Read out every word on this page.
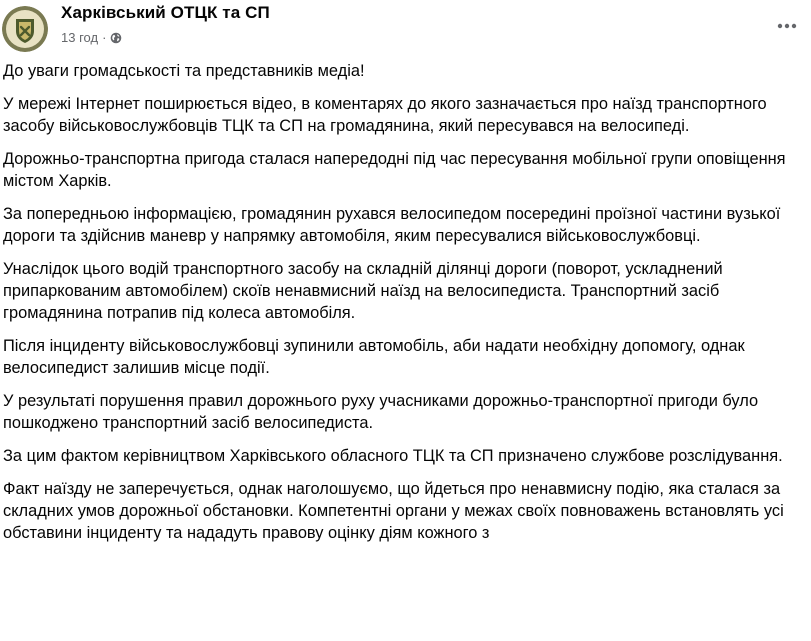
Харківський ОТЦК та СП
13 год ·

До уваги громадськості та представників медіа!

У мережі Інтернет поширюється відео, в коментарях до якого зазначається про наїзд транспортного засобу військовослужбовців ТЦК та СП на громадянина, який пересувався на велосипеді.

Дорожньо-транспортна пригода сталася напередодні під час пересування мобільної групи оповіщення містом Харків.

За попередньою інформацією, громадянин рухався велосипедом посередині проїзної частини вузької дороги та здійснив маневр у напрямку автомобіля, яким пересувалися військовослужбовці.

Унаслідок цього водій транспортного засобу на складній ділянці дороги (поворот, ускладнений припаркованим автомобілем) скоїв ненавмисний наїзд на велосипедиста. Транспортний засіб громадянина потрапив під колеса автомобіля.

Після інциденту військовослужбовці зупинили автомобіль, аби надати необхідну допомогу, однак велосипедист залишив місце події.

У результаті порушення правил дорожнього руху учасниками дорожньо-транспортної пригоди було пошкоджено транспортний засіб велосипедиста.

За цим фактом керівництвом Харківського обласного ТЦК та СП призначено службове розслідування.

Факт наїзду не заперечується, однак наголошуємо, що йдеться про ненавмисну подію, яка сталася за складних умов дорожньої обстановки. Компетентні органи у межах своїх повноважень встановлять усі обставини інциденту та нададуть правову оцінку діям кожного з
